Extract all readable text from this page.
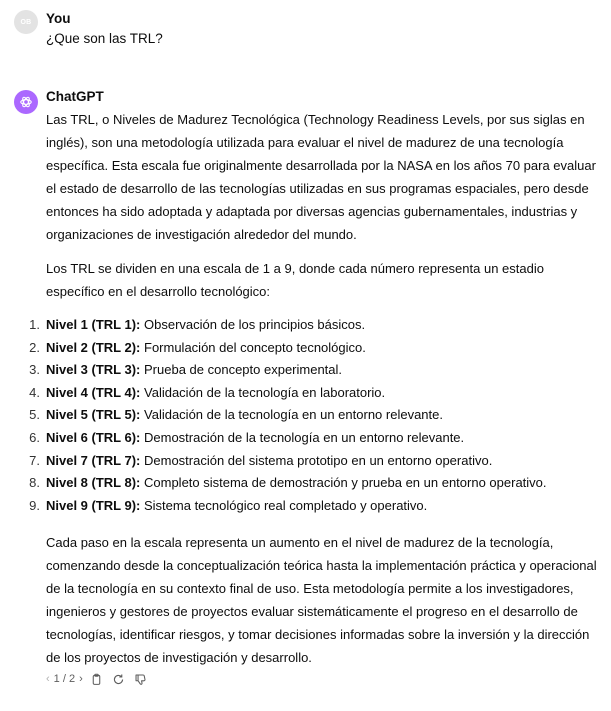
OB You
¿Que son las TRL?
ChatGPT

Las TRL, o Niveles de Madurez Tecnológica (Technology Readiness Levels, por sus siglas en inglés), son una metodología utilizada para evaluar el nivel de madurez de una tecnología específica. Esta escala fue originalmente desarrollada por la NASA en los años 70 para evaluar el estado de desarrollo de las tecnologías utilizadas en sus programas espaciales, pero desde entonces ha sido adoptada y adaptada por diversas agencias gubernamentales, industrias y organizaciones de investigación alrededor del mundo.

Los TRL se dividen en una escala de 1 a 9, donde cada número representa un estadio específico en el desarrollo tecnológico:

1. Nivel 1 (TRL 1): Observación de los principios básicos.
2. Nivel 2 (TRL 2): Formulación del concepto tecnológico.
3. Nivel 3 (TRL 3): Prueba de concepto experimental.
4. Nivel 4 (TRL 4): Validación de la tecnología en laboratorio.
5. Nivel 5 (TRL 5): Validación de la tecnología en un entorno relevante.
6. Nivel 6 (TRL 6): Demostración de la tecnología en un entorno relevante.
7. Nivel 7 (TRL 7): Demostración del sistema prototipo en un entorno operativo.
8. Nivel 8 (TRL 8): Completo sistema de demostración y prueba en un entorno operativo.
9. Nivel 9 (TRL 9): Sistema tecnológico real completado y operativo.

Cada paso en la escala representa un aumento en el nivel de madurez de la tecnología, comenzando desde la conceptualización teórica hasta la implementación práctica y operacional de la tecnología en su contexto final de uso. Esta metodología permite a los investigadores, ingenieros y gestores de proyectos evaluar sistemáticamente el progreso en el desarrollo de tecnologías, identificar riesgos, y tomar decisiones informadas sobre la inversión y la dirección de los proyectos de investigación y desarrollo.

‹ 1 / 2 ›
